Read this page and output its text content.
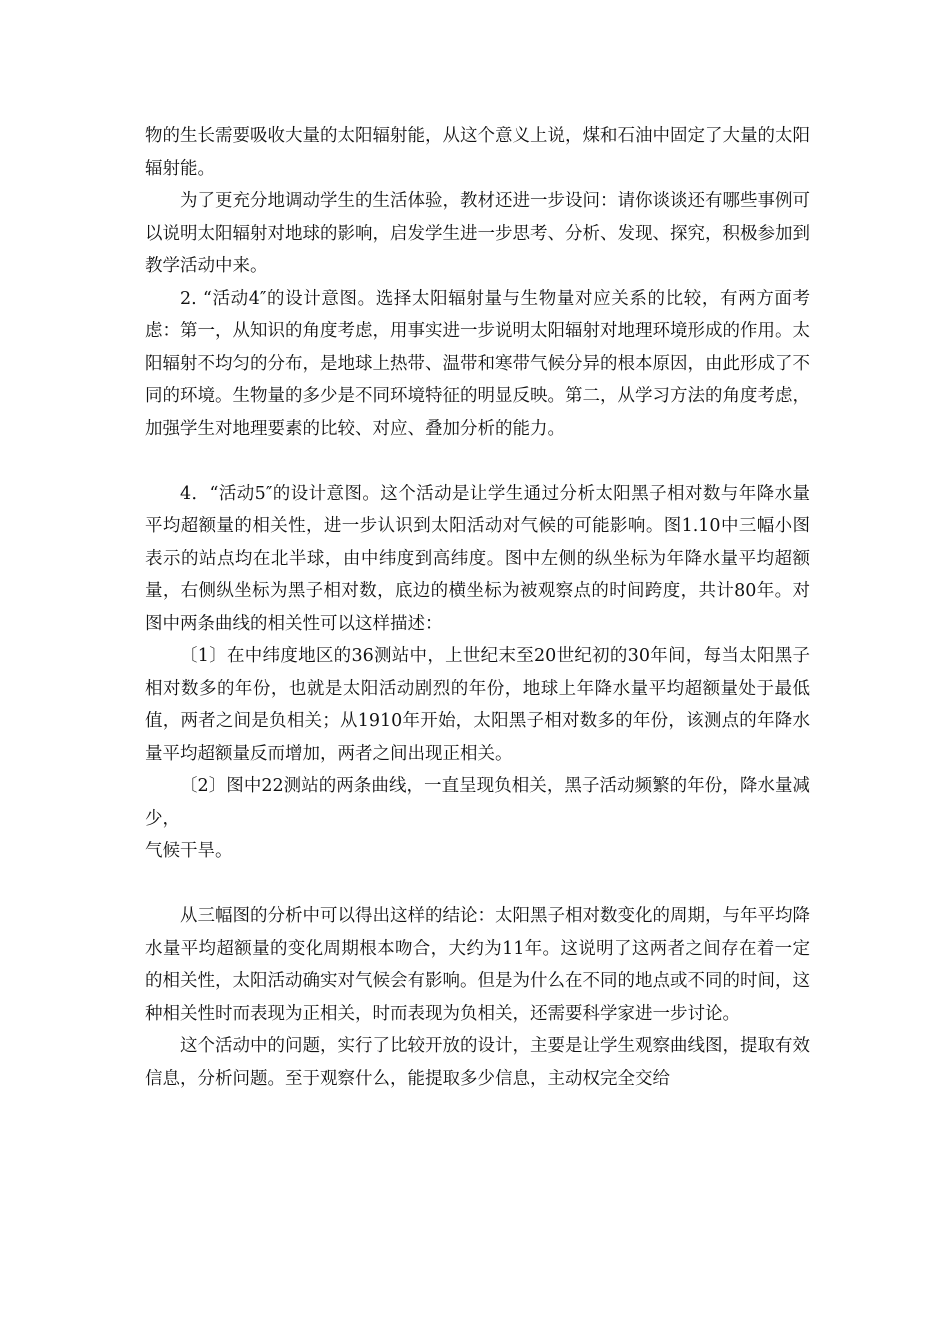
物的生长需要吸收大量的太阳辐射能，从这个意义上说，煤和石油中固定了大量的太阳辐射能。

为了更充分地调动学生的生活体验，教材还进一步设问：请你谈谈还有哪些事例可以说明太阳辐射对地球的影响，启发学生进一步思考、分析、发现、探究，积极参加到教学活动中来。

2. “活动4″的设计意图。选择太阳辐射量与生物量对应关系的比较，有两方面考虑：第一，从知识的角度考虑，用事实进一步说明太阳辐射对地理环境形成的作用。太阳辐射不均匀的分布，是地球上热带、温带和寒带气候分异的根本原因，由此形成了不同的环境。生物量的多少是不同环境特征的明显反映。第二，从学习方法的角度考虑，加强学生对地理要素的比较、对应、叠加分析的能力。

4．“活动5″的设计意图。这个活动是让学生通过分析太阳黑子相对数与年降水量平均超额量的相关性，进一步认识到太阳活动对气候的可能影响。图1.10中三幅小图表示的站点均在北半球，由中纬度到高纬度。图中左侧的纵坐标为年降水量平均超额量，右侧纵坐标为黑子相对数，底边的横坐标为被观察点的时间跨度，共计80年。对图中两条曲线的相关性可以这样描述：

〔1〕在中纬度地区的36测站中，上世纪末至20世纪初的30年间，每当太阳黑子相对数多的年份，也就是太阳活动剧烈的年份，地球上年降水量平均超额量处于最低值，两者之间是负相关；从1910年开始，太阳黑子相对数多的年份，该测点的年降水量平均超额量反而增加，两者之间出现正相关。

〔2〕图中22测站的两条曲线，一直呈现负相关，黑子活动频繁的年份，降水量减少，

气候干旱。

从三幅图的分析中可以得出这样的结论：太阳黑子相对数变化的周期，与年平均降水量平均超额量的变化周期根本吻合，大约为11年。这说明了这两者之间存在着一定的相关性，太阳活动确实对气候会有影响。但是为什么在不同的地点或不同的时间，这种相关性时而表现为正相关，时而表现为负相关，还需要科学家进一步讨论。

这个活动中的问题，实行了比较开放的设计，主要是让学生观察曲线图，提取有效信息，分析问题。至于观察什么，能提取多少信息，主动权完全交给
